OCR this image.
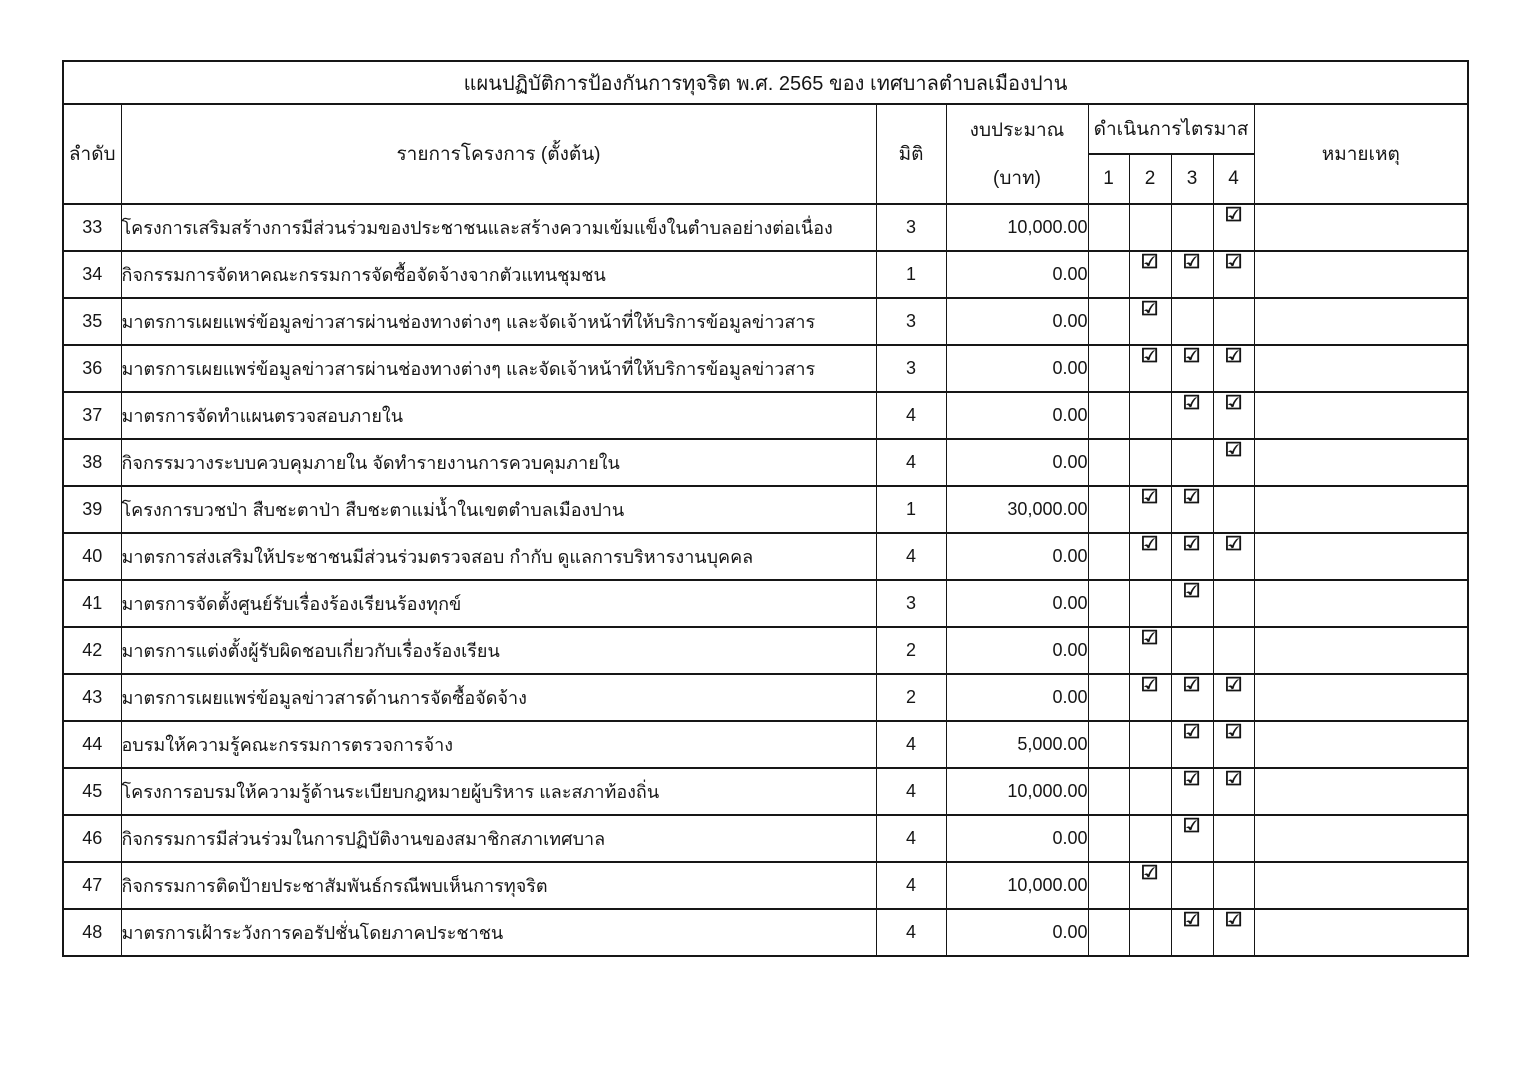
แผนปฏิบัติการป้องกันการทุจริต พ.ศ. 2565 ของ เทศบาลตำบลเมืองปาน								
ลำดับ	รายการโครงการ (ตั้งต้น)	มิติ	งบประมาณ
(บาท)	ดำเนินการไตรมาส				หมายเหตุ
				1	2	3	4	
33	โครงการเสริมสร้างการมีส่วนร่วมของประชาชนและสร้างความเข้มแข็งในตำบลอย่างต่อเนื่อง	3	10,000.00				☑	
34	กิจกรรมการจัดหาคณะกรรมการจัดซื้อจัดจ้างจากตัวแทนชุมชน	1	0.00		☑	☑	☑	
35	มาตรการเผยแพร่ข้อมูลข่าวสารผ่านช่องทางต่างๆ และจัดเจ้าหน้าที่ให้บริการข้อมูลข่าวสาร	3	0.00		☑			
36	มาตรการเผยแพร่ข้อมูลข่าวสารผ่านช่องทางต่างๆ และจัดเจ้าหน้าที่ให้บริการข้อมูลข่าวสาร	3	0.00		☑	☑	☑	
37	มาตรการจัดทำแผนตรวจสอบภายใน	4	0.00			☑	☑	
38	กิจกรรมวางระบบควบคุมภายใน จัดทำรายงานการควบคุมภายใน	4	0.00				☑	
39	โครงการบวชป่า สืบชะตาป่า สืบชะตาแม่น้ำในเขตตำบลเมืองปาน	1	30,000.00		☑	☑		
40	มาตรการส่งเสริมให้ประชาชนมีส่วนร่วมตรวจสอบ กำกับ ดูแลการบริหารงานบุคคล	4	0.00		☑	☑	☑	
41	มาตรการจัดตั้งศูนย์รับเรื่องร้องเรียนร้องทุกข์	3	0.00			☑		
42	มาตรการแต่งตั้งผู้รับผิดชอบเกี่ยวกับเรื่องร้องเรียน	2	0.00		☑			
43	มาตรการเผยแพร่ข้อมูลข่าวสารด้านการจัดซื้อจัดจ้าง	2	0.00		☑	☑	☑	
44	อบรมให้ความรู้คณะกรรมการตรวจการจ้าง	4	5,000.00			☑	☑	
45	โครงการอบรมให้ความรู้ด้านระเบียบกฎหมายผู้บริหาร และสภาท้องถิ่น	4	10,000.00			☑	☑	
46	กิจกรรมการมีส่วนร่วมในการปฏิบัติงานของสมาชิกสภาเทศบาล	4	0.00			☑		
47	กิจกรรมการติดป้ายประชาสัมพันธ์กรณีพบเห็นการทุจริต	4	10,000.00		☑			
48	มาตรการเฝ้าระวังการคอรัปชั่นโดยภาคประชาชน	4	0.00			☑	☑	
